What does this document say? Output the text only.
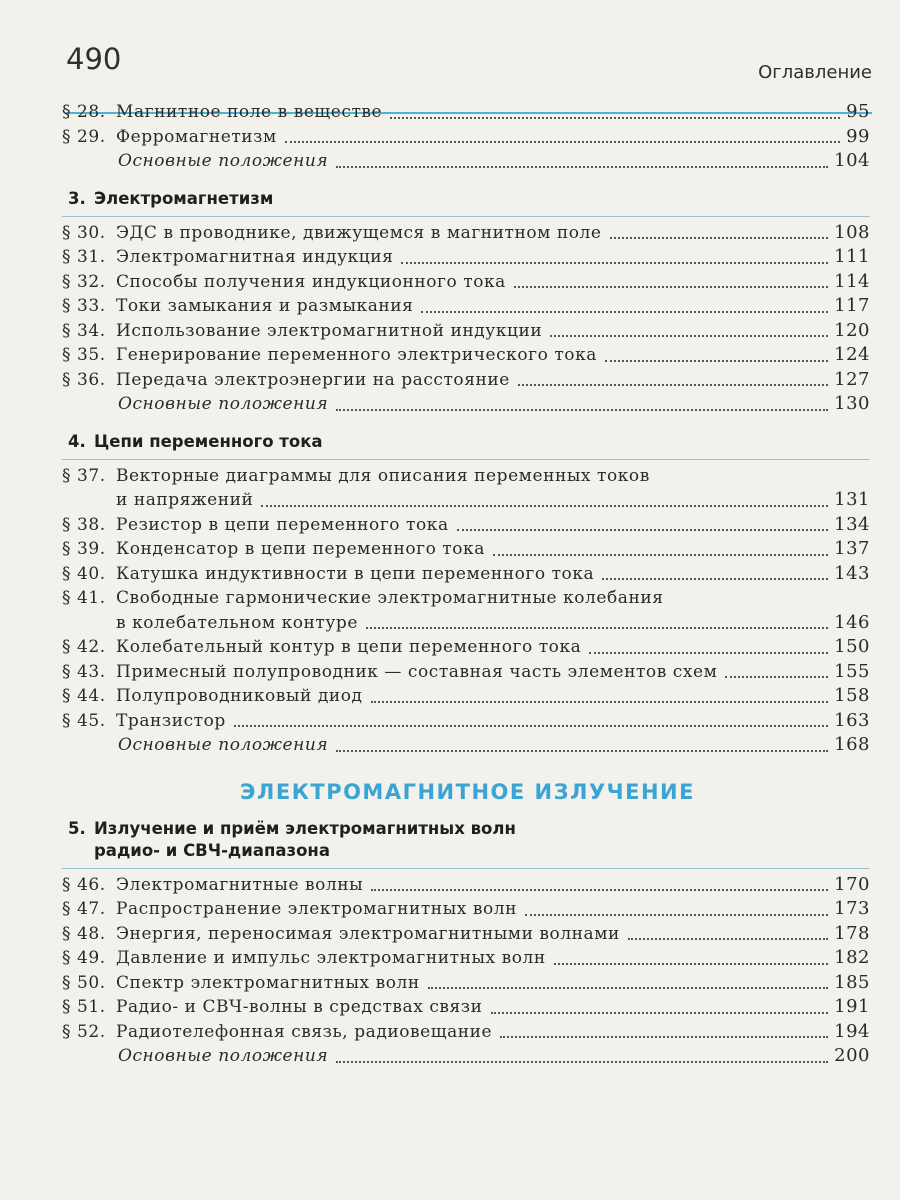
490	Оглавление
§ 28. Магнитное поле в веществе	95
§ 29. Ферромагнетизм	99
Основные положения	104
3. Электромагнетизм
§ 30. ЭДС в проводнике, движущемся в магнитном поле	108
§ 31. Электромагнитная индукция	111
§ 32. Способы получения индукционного тока	114
§ 33. Токи замыкания и размыкания	117
§ 34. Использование электромагнитной индукции	120
§ 35. Генерирование переменного электрического тока	124
§ 36. Передача электроэнергии на расстояние	127
Основные положения	130
4. Цепи переменного тока
§ 37. Векторные диаграммы для описания переменных токов
и напряжений	131
§ 38. Резистор в цепи переменного тока	134
§ 39. Конденсатор в цепи переменного тока	137
§ 40. Катушка индуктивности в цепи переменного тока	143
§ 41. Свободные гармонические электромагнитные колебания
в колебательном контуре	146
§ 42. Колебательный контур в цепи переменного тока	150
§ 43. Примесный полупроводник — составная часть элементов схем	155
§ 44. Полупроводниковый диод	158
§ 45. Транзистор	163
Основные положения	168
ЭЛЕКТРОМАГНИТНОЕ ИЗЛУЧЕНИЕ
5. Излучение и приём электромагнитных волн
радио- и СВЧ-диапазона
§ 46. Электромагнитные волны	170
§ 47. Распространение электромагнитных волн	173
§ 48. Энергия, переносимая электромагнитными волнами	178
§ 49. Давление и импульс электромагнитных волн	182
§ 50. Спектр электромагнитных волн	185
§ 51. Радио- и СВЧ-волны в средствах связи	191
§ 52. Радиотелефонная связь, радиовещание	194
Основные положения	200
